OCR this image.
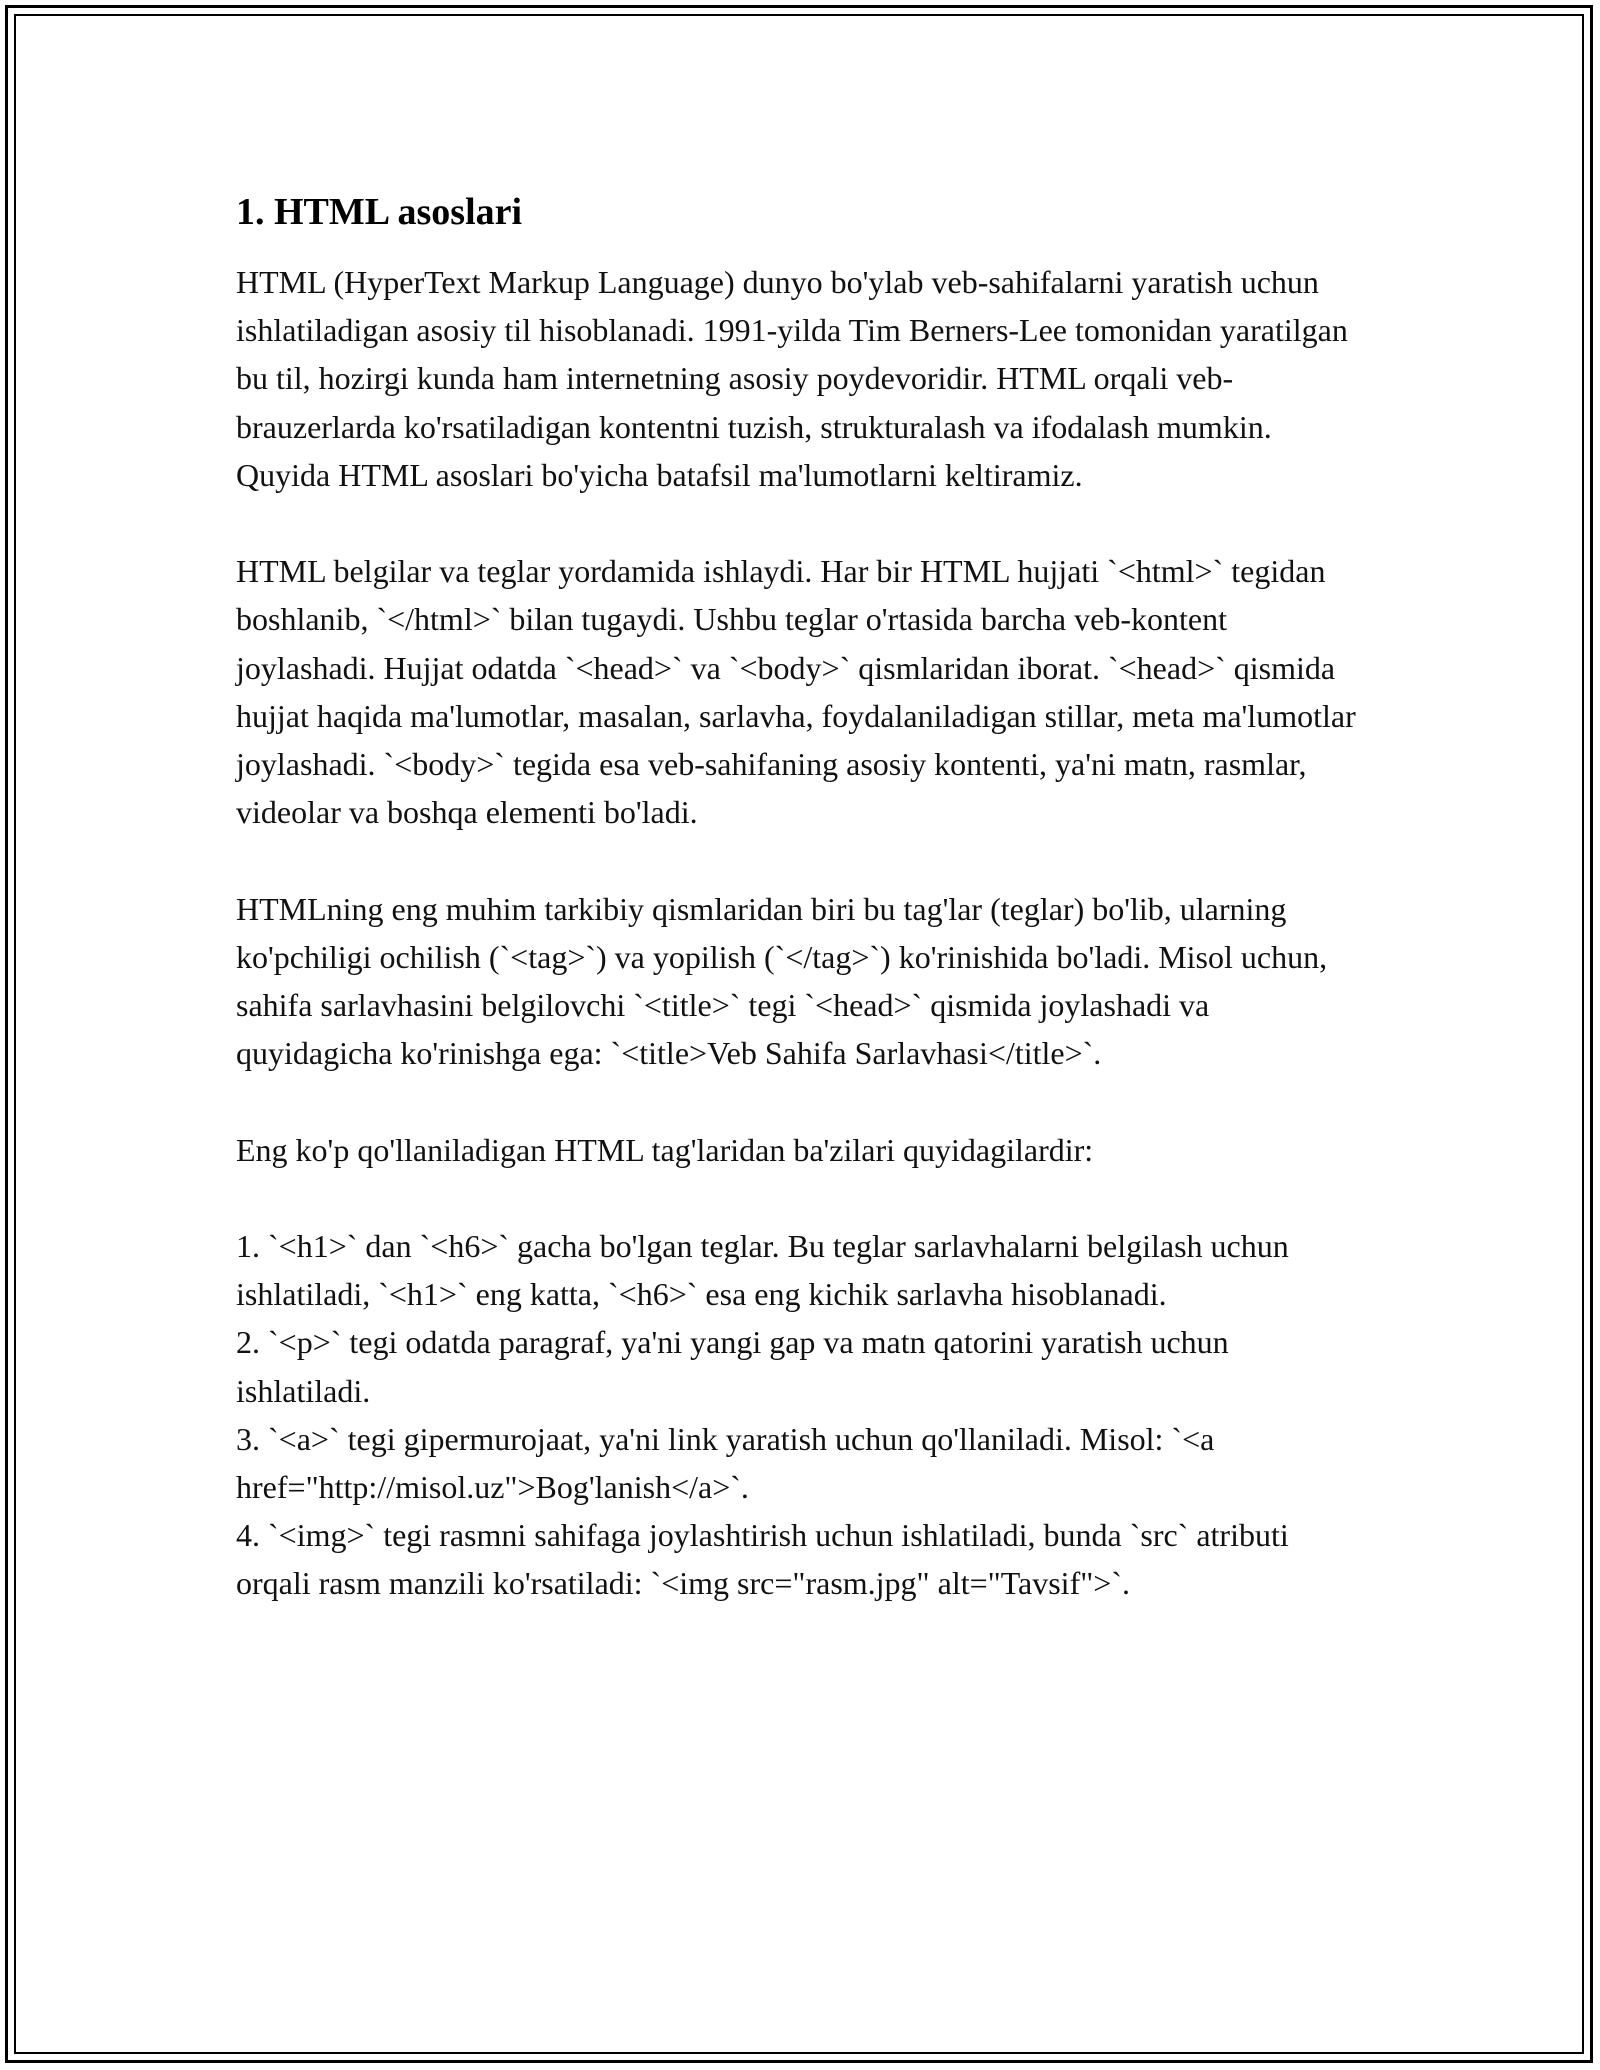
1. HTML asoslari

HTML (HyperText Markup Language) dunyo bo'ylab veb-sahifalarni yaratish uchun ishlatiladigan asosiy til hisoblanadi. 1991-yilda Tim Berners-Lee tomonidan yaratilgan bu til, hozirgi kunda ham internetning asosiy poydevoridir. HTML orqali veb-brauzerlarda ko'rsatiladigan kontentni tuzish, strukturalash va ifodalash mumkin. Quyida HTML asoslari bo'yicha batafsil ma'lumotlarni keltiramiz.

HTML belgilar va teglar yordamida ishlaydi. Har bir HTML hujjati `<html>` tegidan boshlanib, `</html>` bilan tugaydi. Ushbu teglar o'rtasida barcha veb-kontent joylashadi. Hujjat odatda `<head>` va `<body>` qismlaridan iborat. `<head>` qismida hujjat haqida ma'lumotlar, masalan, sarlavha, foydalaniladigan stillar, meta ma'lumotlar joylashadi. `<body>` tegida esa veb-sahifaning asosiy kontenti, ya'ni matn, rasmlar, videolar va boshqa elementi bo'ladi.

HTMLning eng muhim tarkibiy qismlaridan biri bu tag'lar (teglar) bo'lib, ularning ko'pchiligi ochilish (`<tag>`) va yopilish (`</tag>`) ko'rinishida bo'ladi. Misol uchun, sahifa sarlavhasini belgilovchi `<title>` tegi `<head>` qismida joylashadi va quyidagicha ko'rinishga ega: `<title>Veb Sahifa Sarlavhasi</title>`.

Eng ko'p qo'llaniladigan HTML tag'laridan ba'zilari quyidagilardir:

1. `<h1>` dan `<h6>` gacha bo'lgan teglar. Bu teglar sarlavhalarni belgilash uchun ishlatiladi, `<h1>` eng katta, `<h6>` esa eng kichik sarlavha hisoblanadi.
2. `<p>` tegi odatda paragraf, ya'ni yangi gap va matn qatorini yaratish uchun ishlatiladi.
3. `<a>` tegi gipermurojaat, ya'ni link yaratish uchun qo'llaniladi. Misol: `<a href="http://misol.uz">Bog'lanish</a>`.
4. `<img>` tegi rasmni sahifaga joylashtirish uchun ishlatiladi, bunda `src` atributi orqali rasm manzili ko'rsatiladi: `<img src="rasm.jpg" alt="Tavsif">`.
